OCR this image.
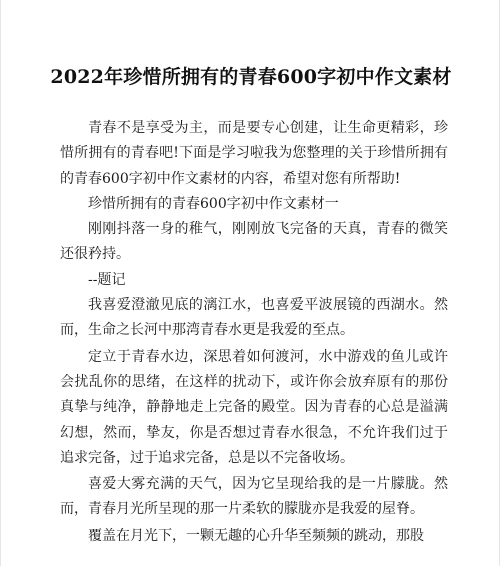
2022年珍惜所拥有的青春600字初中作文素材

青春不是享受为主，而是要专心创建，让生命更精彩，珍惜所拥有的青春吧!下面是学习啦我为您整理的关于珍惜所拥有的青春600字初中作文素材的内容，希望对您有所帮助!

珍惜所拥有的青春600字初中作文素材一

刚刚抖落一身的稚气，刚刚放飞完备的天真，青春的微笑还很矜持。

--题记

我喜爱澄澈见底的漓江水，也喜爱平波展镜的西湖水。然而，生命之长河中那湾青春水更是我爱的至点。

定立于青春水边，深思着如何渡河，水中游戏的鱼儿或许会扰乱你的思绪，在这样的扰动下，或许你会放弃原有的那份真挚与纯净，静静地走上完备的殿堂。因为青春的心总是溢满幻想，然而，挚友，你是否想过青春水很急，不允许我们过于追求完备，过于追求完备，总是以不完备收场。

喜爱大雾充满的天气，因为它呈现给我的是一片朦胧。然而，青春月光所呈现的那一片柔软的朦胧亦是我爱的屋脊。

覆盖在月光下，一颗无趣的心升华至频频的跳动，那股
